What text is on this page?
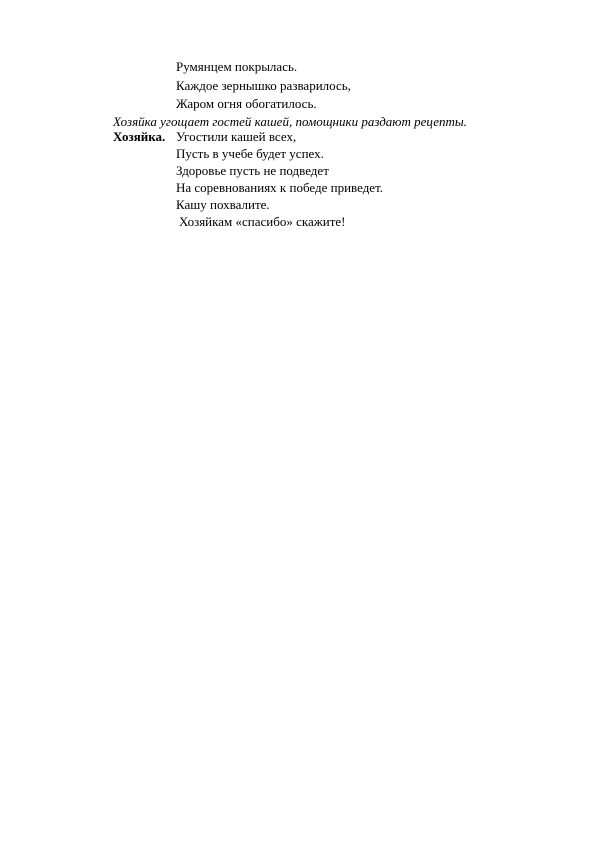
Румянцем покрылась.
Каждое зернышко разварилось,
Жаром огня обогатилось.
Хозяйка угощает гостей кашей, помощники раздают рецепты.
Хозяйка. Угостили кашей всех,
Пусть в учебе будет успех.
Здоровье пусть не подведет
На соревнованиях к победе приведет.
Кашу похвалите.
Хозяйкам «спасибо» скажите!
